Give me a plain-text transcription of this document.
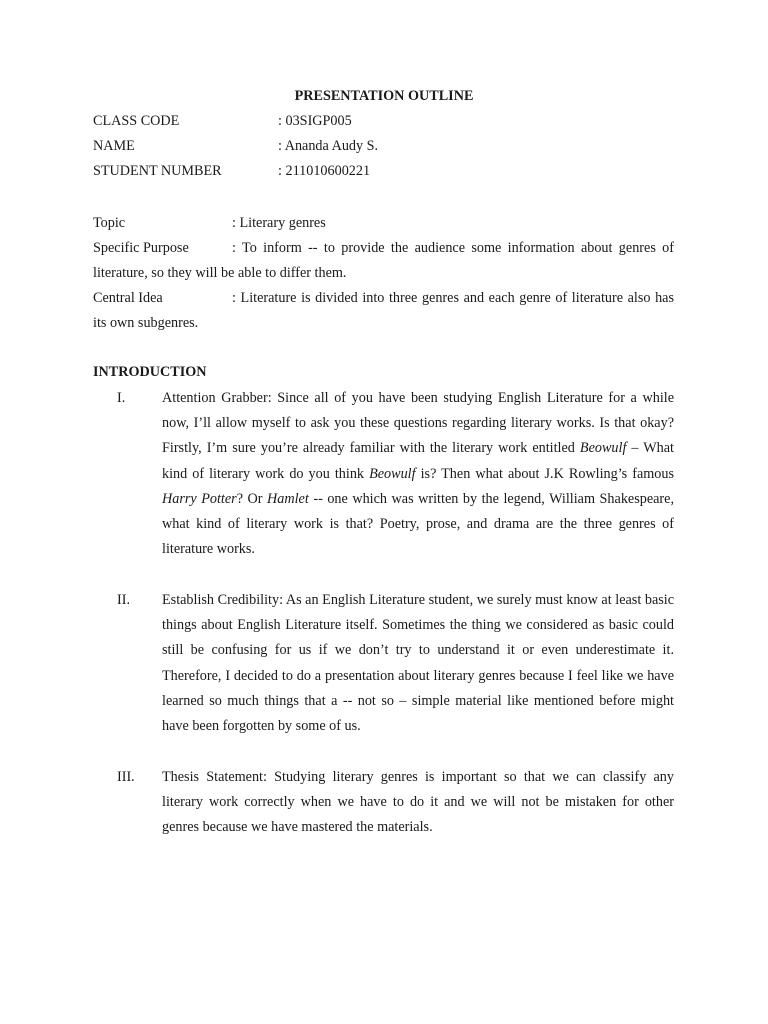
PRESENTATION OUTLINE
CLASS CODE	: 03SIGP005
NAME	: Ananda Audy S.
STUDENT NUMBER	: 211010600221

Topic	: Literary genres

Specific Purpose	: To inform -- to provide the audience some information about genres of literature, so they will be able to differ them.

Central Idea	: Literature is divided into three genres and each genre of literature also has its own subgenres.

INTRODUCTION
I.	Attention Grabber: Since all of you have been studying English Literature for a while now, I’ll allow myself to ask you these questions regarding literary works. Is that okay? Firstly, I’m sure you’re already familiar with the literary work entitled Beowulf – What kind of literary work do you think Beowulf is? Then what about J.K Rowling’s famous Harry Potter? Or Hamlet -- one which was written by the legend, William Shakespeare, what kind of literary work is that? Poetry, prose, and drama are the three genres of literature works.
II. Establish Credibility: As an English Literature student, we surely must know at least basic things about English Literature itself. Sometimes the thing we considered as basic could still be confusing for us if we don’t try to understand it or even underestimate it. Therefore, I decided to do a presentation about literary genres because I feel like we have learned so much things that a -- not so – simple material like mentioned before might have been forgotten by some of us.
III. Thesis Statement: Studying literary genres is important so that we can classify any literary work correctly when we have to do it and we will not be mistaken for other genres because we have mastered the materials.
